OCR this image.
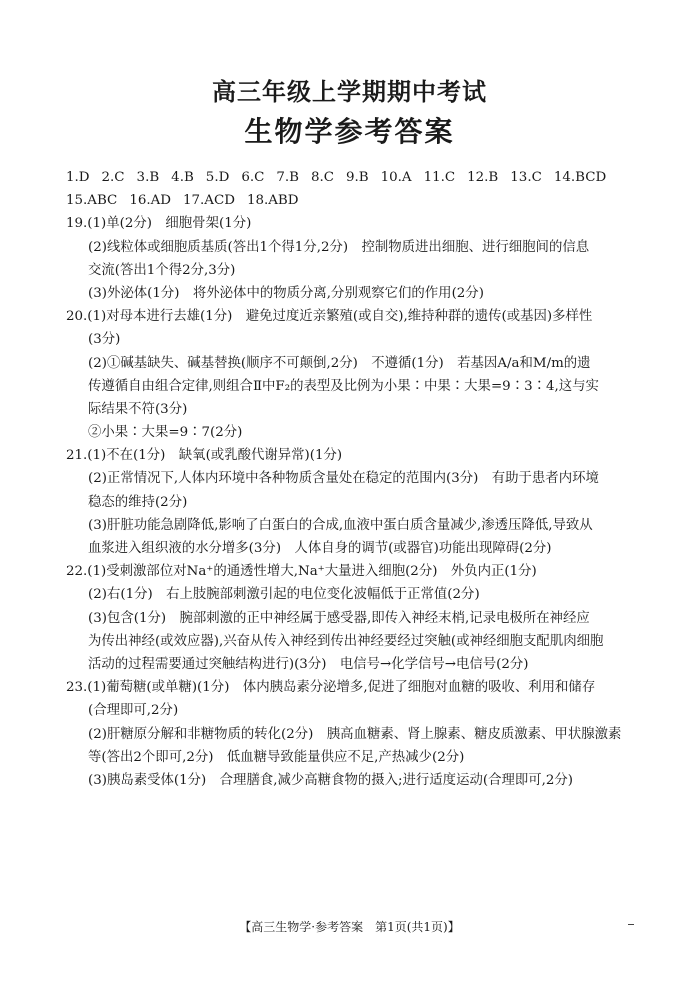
高三年级上学期期中考试
生物学参考答案
1.D 2.C 3.B 4.B 5.D 6.C 7.B 8.C 9.B 10.A 11.C 12.B 13.C 14.BCD
15.ABC 16.AD 17.ACD 18.ABD
19.(1)单(2分)　细胞骨架(1分)
(2)线粒体或细胞质基质(答出1个得1分,2分)　控制物质进出细胞、进行细胞间的信息
交流(答出1个得2分,3分)
(3)外泌体(1分)　将外泌体中的物质分离,分别观察它们的作用(2分)
20.(1)对母本进行去雄(1分)　避免过度近亲繁殖(或自交),维持种群的遗传(或基因)多样性
(3分)
(2)①碱基缺失、碱基替换(顺序不可颠倒,2分)　不遵循(1分)　若基因A/a和M/m的遗
传遵循自由组合定律,则组合Ⅱ中F₂的表型及比例为小果∶中果∶大果=9∶3∶4,这与实
际结果不符(3分)
②小果∶大果=9∶7(2分)
21.(1)不在(1分)　缺氧(或乳酸代谢异常)(1分)
(2)正常情况下,人体内环境中各种物质含量处在稳定的范围内(3分)　有助于患者内环境
稳态的维持(2分)
(3)肝脏功能急剧降低,影响了白蛋白的合成,血液中蛋白质含量减少,渗透压降低,导致从
血浆进入组织液的水分增多(3分)　人体自身的调节(或器官)功能出现障碍(2分)
22.(1)受刺激部位对Na⁺的通透性增大,Na⁺大量进入细胞(2分)　外负内正(1分)
(2)右(1分)　右上肢腕部刺激引起的电位变化波幅低于正常值(2分)
(3)包含(1分)　腕部刺激的正中神经属于感受器,即传入神经末梢,记录电极所在神经应
为传出神经(或效应器),兴奋从传入神经到传出神经要经过突触(或神经细胞支配肌肉细胞
活动的过程需要通过突触结构进行)(3分)　电信号→化学信号→电信号(2分)
23.(1)葡萄糖(或单糖)(1分)　体内胰岛素分泌增多,促进了细胞对血糖的吸收、利用和储存
(合理即可,2分)
(2)肝糖原分解和非糖物质的转化(2分)　胰高血糖素、肾上腺素、糖皮质激素、甲状腺激素
等(答出2个即可,2分)　低血糖导致能量供应不足,产热减少(2分)
(3)胰岛素受体(1分)　合理膳食,减少高糖食物的摄入;进行适度运动(合理即可,2分)
【高三生物学·参考答案　第1页(共1页)】
